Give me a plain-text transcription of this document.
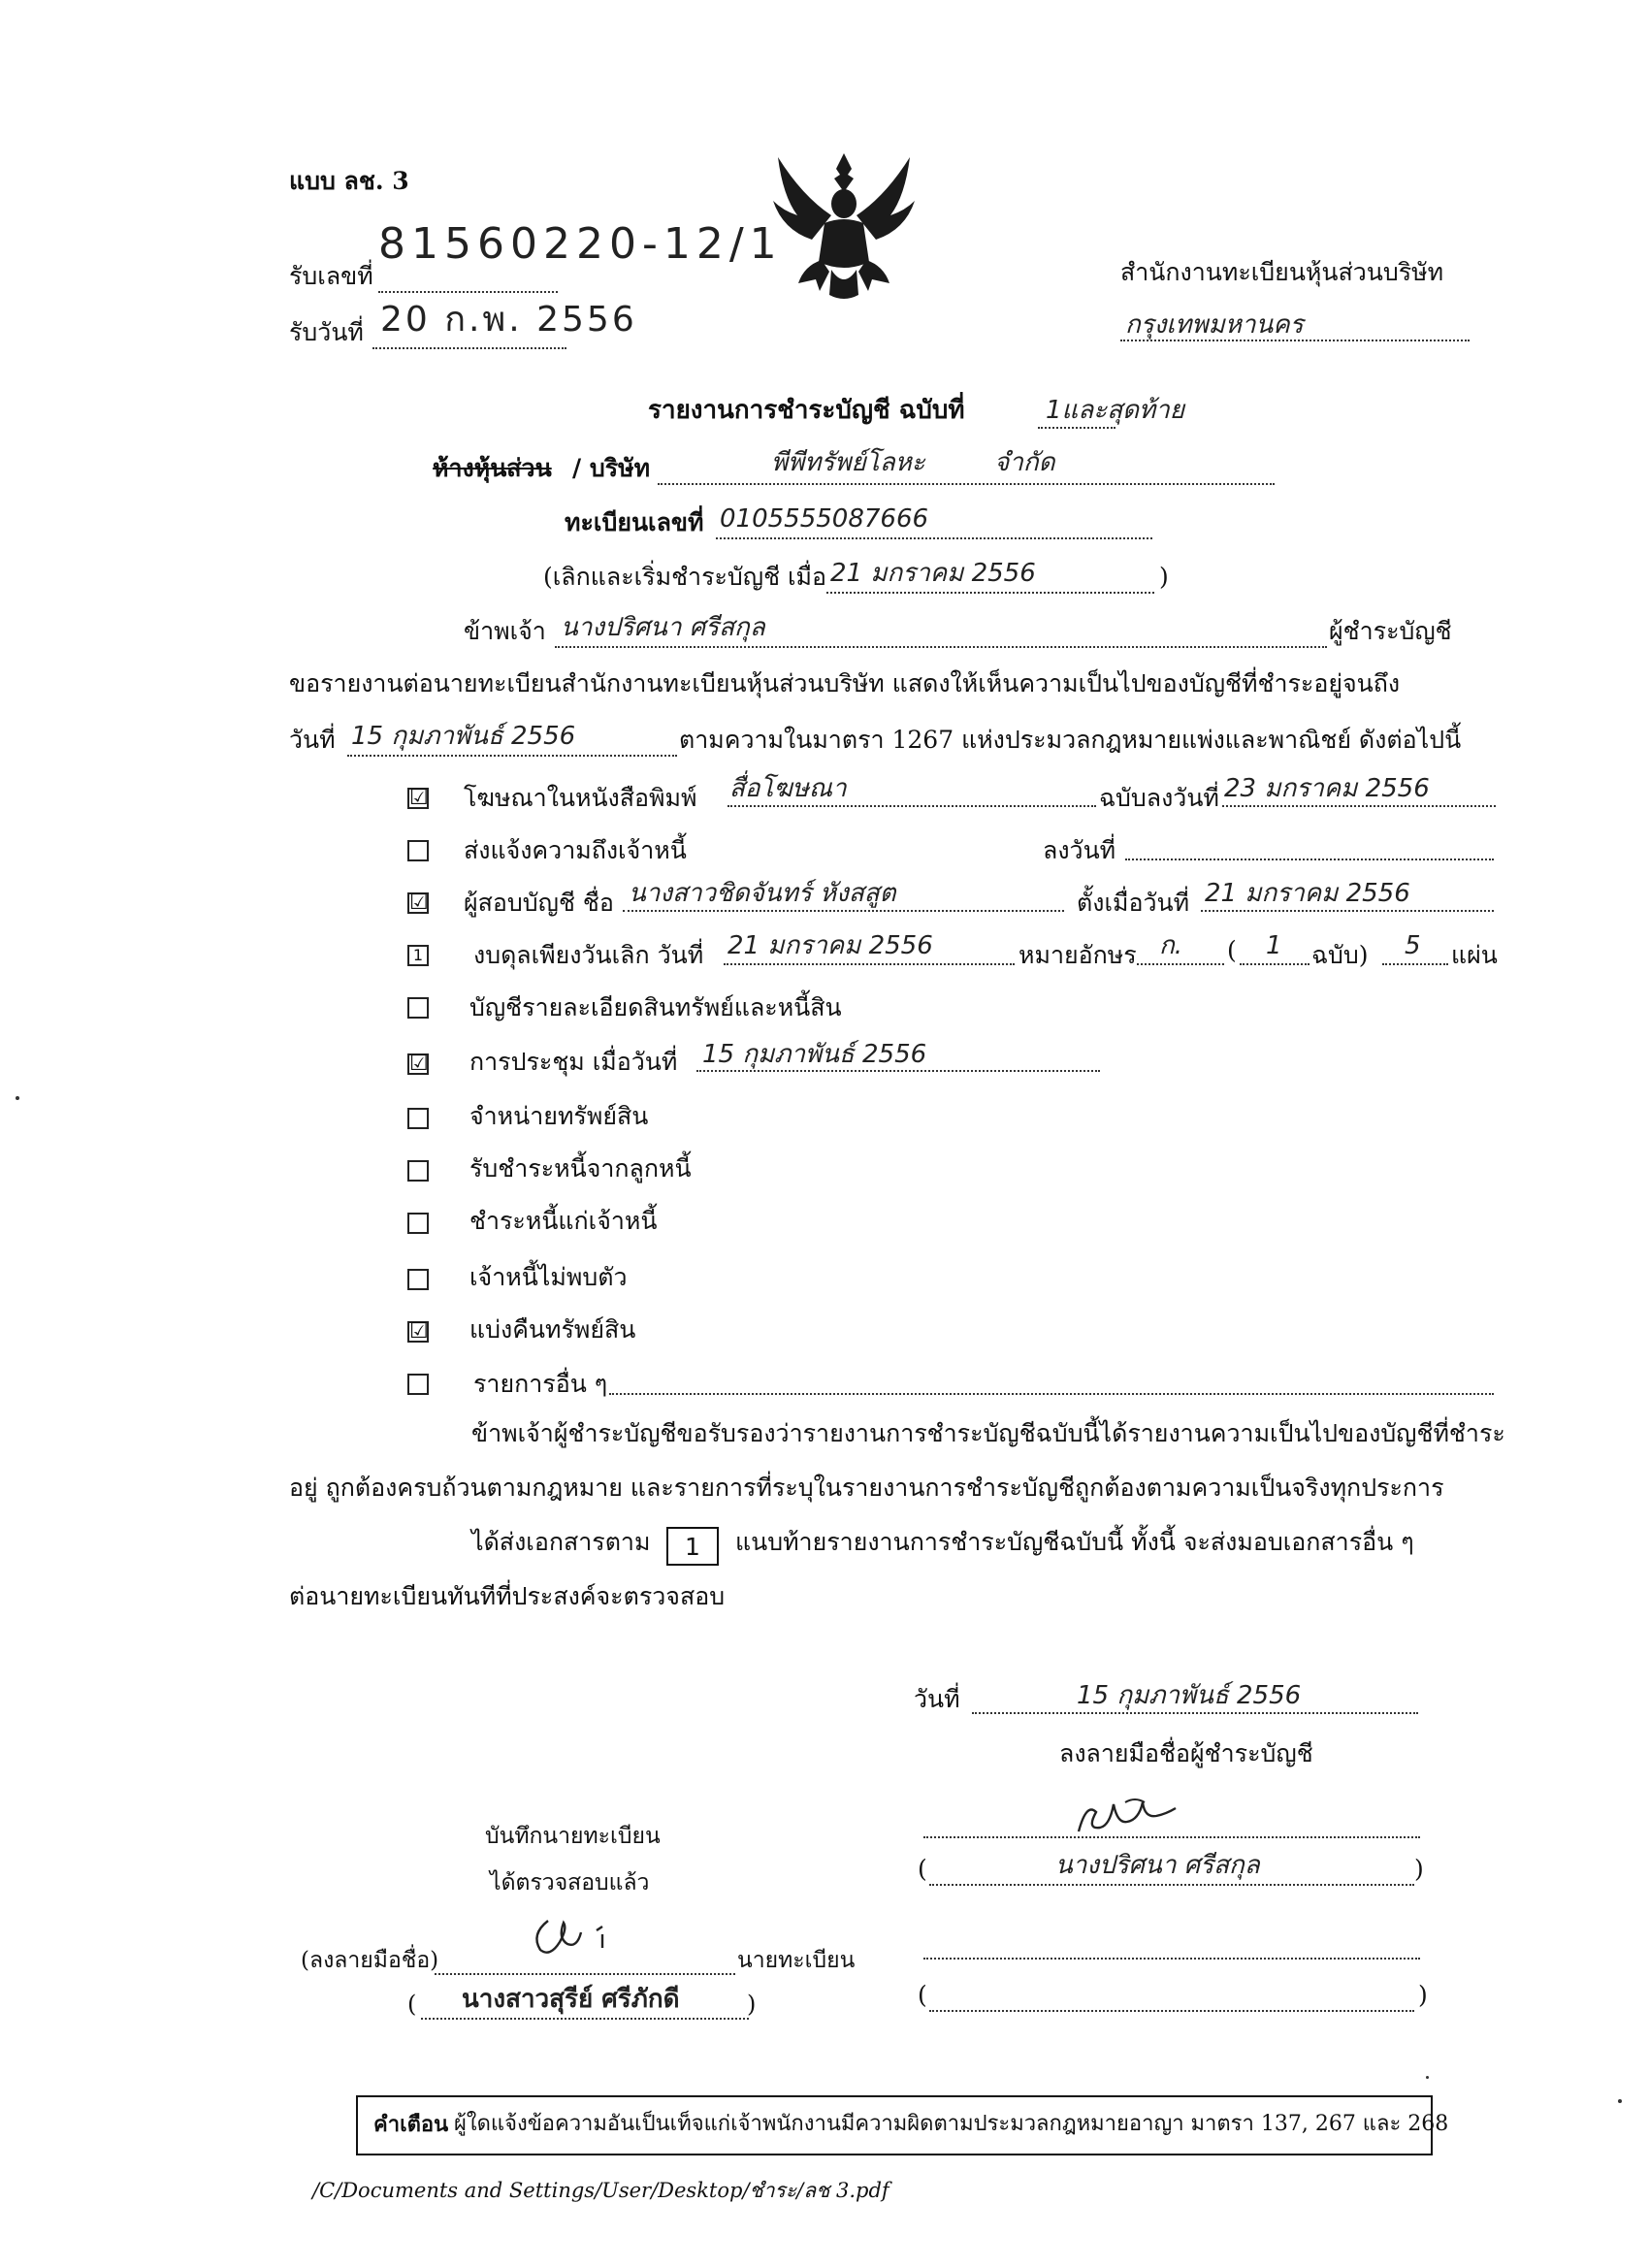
แบบ ลช. 3
รับเลขที่
81560220-12/1
รับวันที่ 20 ก.พ. 2556
สำนักงานทะเบียนหุ้นส่วนบริษัท
กรุงเทพมหานคร
รายงานการชำระบัญชี ฉบับที่	1และสุดท้าย
ห้างหุ้นส่วน / บริษัท	พีพีทรัพย์โลหะ	จำกัด
ทะเบียนเลขที่ 0105555087666
(เลิกและเริ่มชำระบัญชี เมื่อ 21 มกราคม 2556	)
ข้าพเจ้า นางปริศนา ศรีสกุล	ผู้ชำระบัญชี
ขอรายงานต่อนายทะเบียนสำนักงานทะเบียนหุ้นส่วนบริษัท แสดงให้เห็นความเป็นไปของบัญชีที่ชำระอยู่จนถึง
วันที่ 15 กุมภาพันธ์ 2556	ตามความในมาตรา 1267 แห่งประมวลกฎหมายแพ่งและพาณิชย์ ดังต่อไปนี้
☑ โฆษณาในหนังสือพิมพ์ สื่อโฆษณา	ฉบับลงวันที่ 23 มกราคม 2556
ส่งแจ้งความถึงเจ้าหนี้	ลงวันที่
☑ ผู้สอบบัญชี ชื่อ นางสาวชิดจันทร์ หังสสูต	ตั้งเมื่อวันที่ 21 มกราคม 2556
1 งบดุลเพียงวันเลิก วันที่ 21 มกราคม 2556	หมายอักษร ก. ( 1 ฉบับ) 5 แผ่น
บัญชีรายละเอียดสินทรัพย์และหนี้สิน
☑ การประชุม เมื่อวันที่ 15 กุมภาพันธ์ 2556
จำหน่ายทรัพย์สิน
รับชำระหนี้จากลูกหนี้
ชำระหนี้แก่เจ้าหนี้
เจ้าหนี้ไม่พบตัว
☑ แบ่งคืนทรัพย์สิน
รายการอื่น ๆ
ข้าพเจ้าผู้ชำระบัญชีขอรับรองว่ารายงานการชำระบัญชีฉบับนี้ได้รายงานความเป็นไปของบัญชีที่ชำระ
อยู่ ถูกต้องครบถ้วนตามกฎหมาย และรายการที่ระบุในรายงานการชำระบัญชีถูกต้องตามความเป็นจริงทุกประการ
ได้ส่งเอกสารตาม	1	แนบท้ายรายงานการชำระบัญชีฉบับนี้ ทั้งนี้ จะส่งมอบเอกสารอื่น ๆ
ต่อนายทะเบียนทันทีที่ประสงค์จะตรวจสอบ
วันที่	15 กุมภาพันธ์ 2556
ลงลายมือชื่อผู้ชำระบัญชี
(	นางปริศนา ศรีสกุล	)
(	)
บันทึกนายทะเบียน
ได้ตรวจสอบแล้ว
(ลงลายมือชื่อ)	นายทะเบียน
( นางสาวสุรีย์ ศรีภักดี	)
คำเตือน ผู้ใดแจ้งข้อความอันเป็นเท็จแก่เจ้าพนักงานมีความผิดตามประมวลกฎหมายอาญา มาตรา 137, 267 และ 268
/C/Documents and Settings/User/Desktop/ชำระ/ลช 3.pdf
